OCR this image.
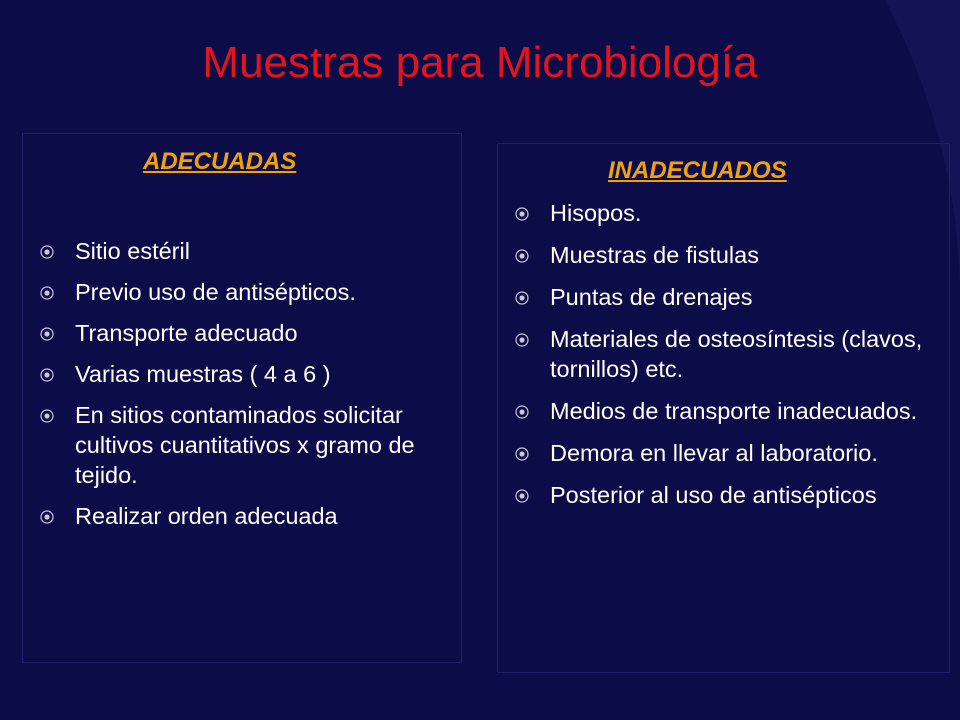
Muestras para Microbiología

ADECUADAS	INADECUADOS

Sitio estéril
Previo uso de antisépticos.
Transporte adecuado
Varias muestras ( 4 a 6 )
En sitios contaminados solicitar cultivos cuantitativos x gramo de tejido.
Realizar orden adecuada
Hisopos.
Muestras de fistulas
Puntas de drenajes
Materiales de osteosíntesis (clavos, tornillos) etc.
Medios de transporte inadecuados.
Demora en llevar al laboratorio.
Posterior al uso de antisépticos
